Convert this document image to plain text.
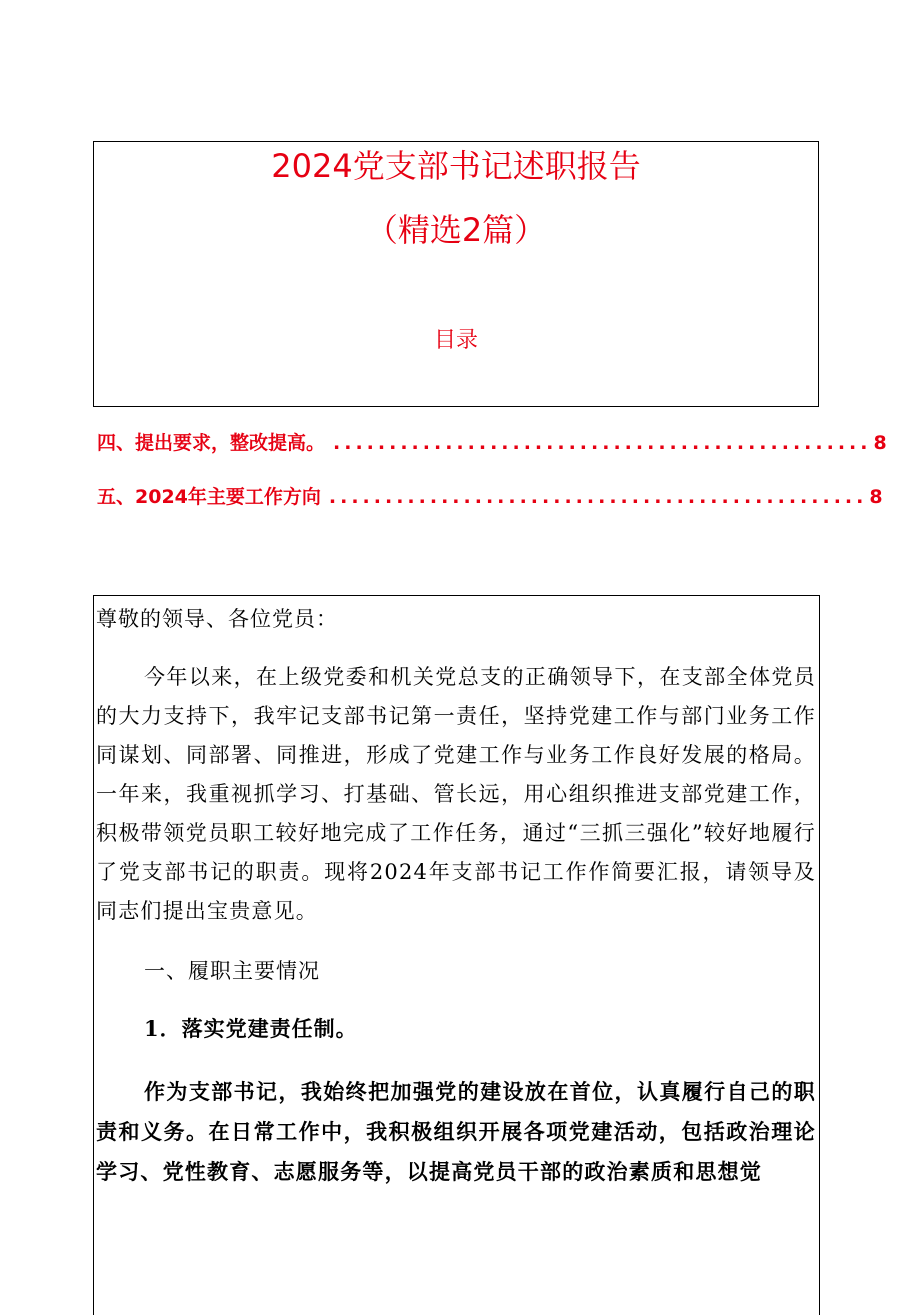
2024党支部书记述职报告
（精选2篇）
目录
四、提出要求，整改提高。 ................................................ 8
五、2024年主要工作方向 ................................................ 8
尊敬的领导、各位党员：

今年以来，在上级党委和机关党总支的正确领导下，在支部全体党员的大力支持下，我牢记支部书记第一责任，坚持党建工作与部门业务工作同谋划、同部署、同推进，形成了党建工作与业务工作良好发展的格局。一年来，我重视抓学习、打基础、管长远，用心组织推进支部党建工作，积极带领党员职工较好地完成了工作任务，通过“三抓三强化”较好地履行了党支部书记的职责。现将2024年支部书记工作作简要汇报，请领导及同志们提出宝贵意见。

一、履职主要情况
1．落实党建责任制。

作为支部书记，我始终把加强党的建设放在首位，认真履行自己的职责和义务。在日常工作中，我积极组织开展各项党建活动，包括政治理论学习、党性教育、志愿服务等，以提高党员干部的政治素质和思想觉
